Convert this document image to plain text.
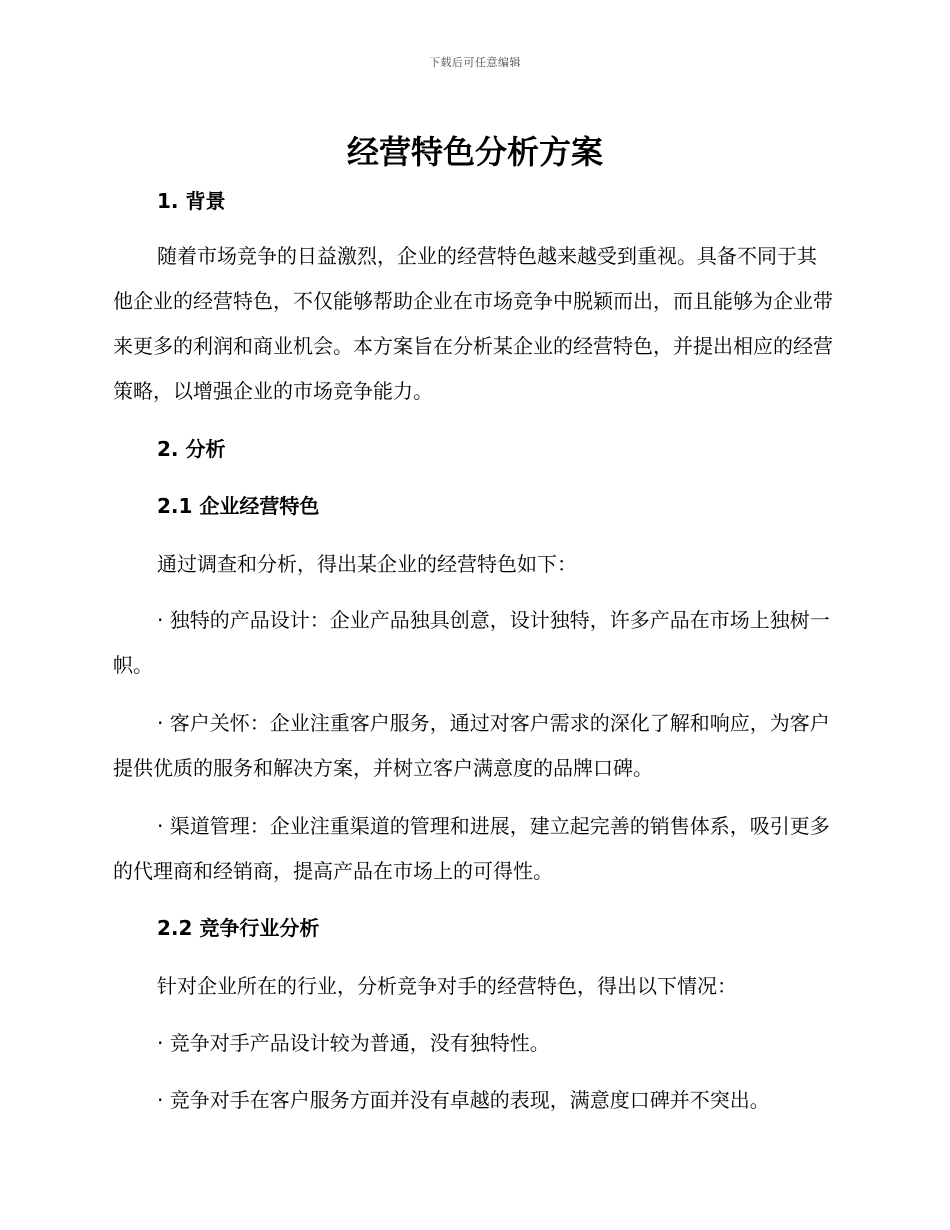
下载后可任意编辑
经营特色分析方案

1. 背景

随着市场竞争的日益激烈，企业的经营特色越来越受到重视。具备不同于其他企业的经营特色，不仅能够帮助企业在市场竞争中脱颖而出，而且能够为企业带来更多的利润和商业机会。本方案旨在分析某企业的经营特色，并提出相应的经营策略，以增强企业的市场竞争能力。

2. 分析

2.1 企业经营特色

通过调查和分析，得出某企业的经营特色如下：

· 独特的产品设计：企业产品独具创意，设计独特，许多产品在市场上独树一帜。

· 客户关怀：企业注重客户服务，通过对客户需求的深化了解和响应，为客户提供优质的服务和解决方案，并树立客户满意度的品牌口碑。

· 渠道管理：企业注重渠道的管理和进展，建立起完善的销售体系，吸引更多的代理商和经销商，提高产品在市场上的可得性。

2.2 竞争行业分析

针对企业所在的行业，分析竞争对手的经营特色，得出以下情况：

· 竞争对手产品设计较为普通，没有独特性。

· 竞争对手在客户服务方面并没有卓越的表现，满意度口碑并不突出。
